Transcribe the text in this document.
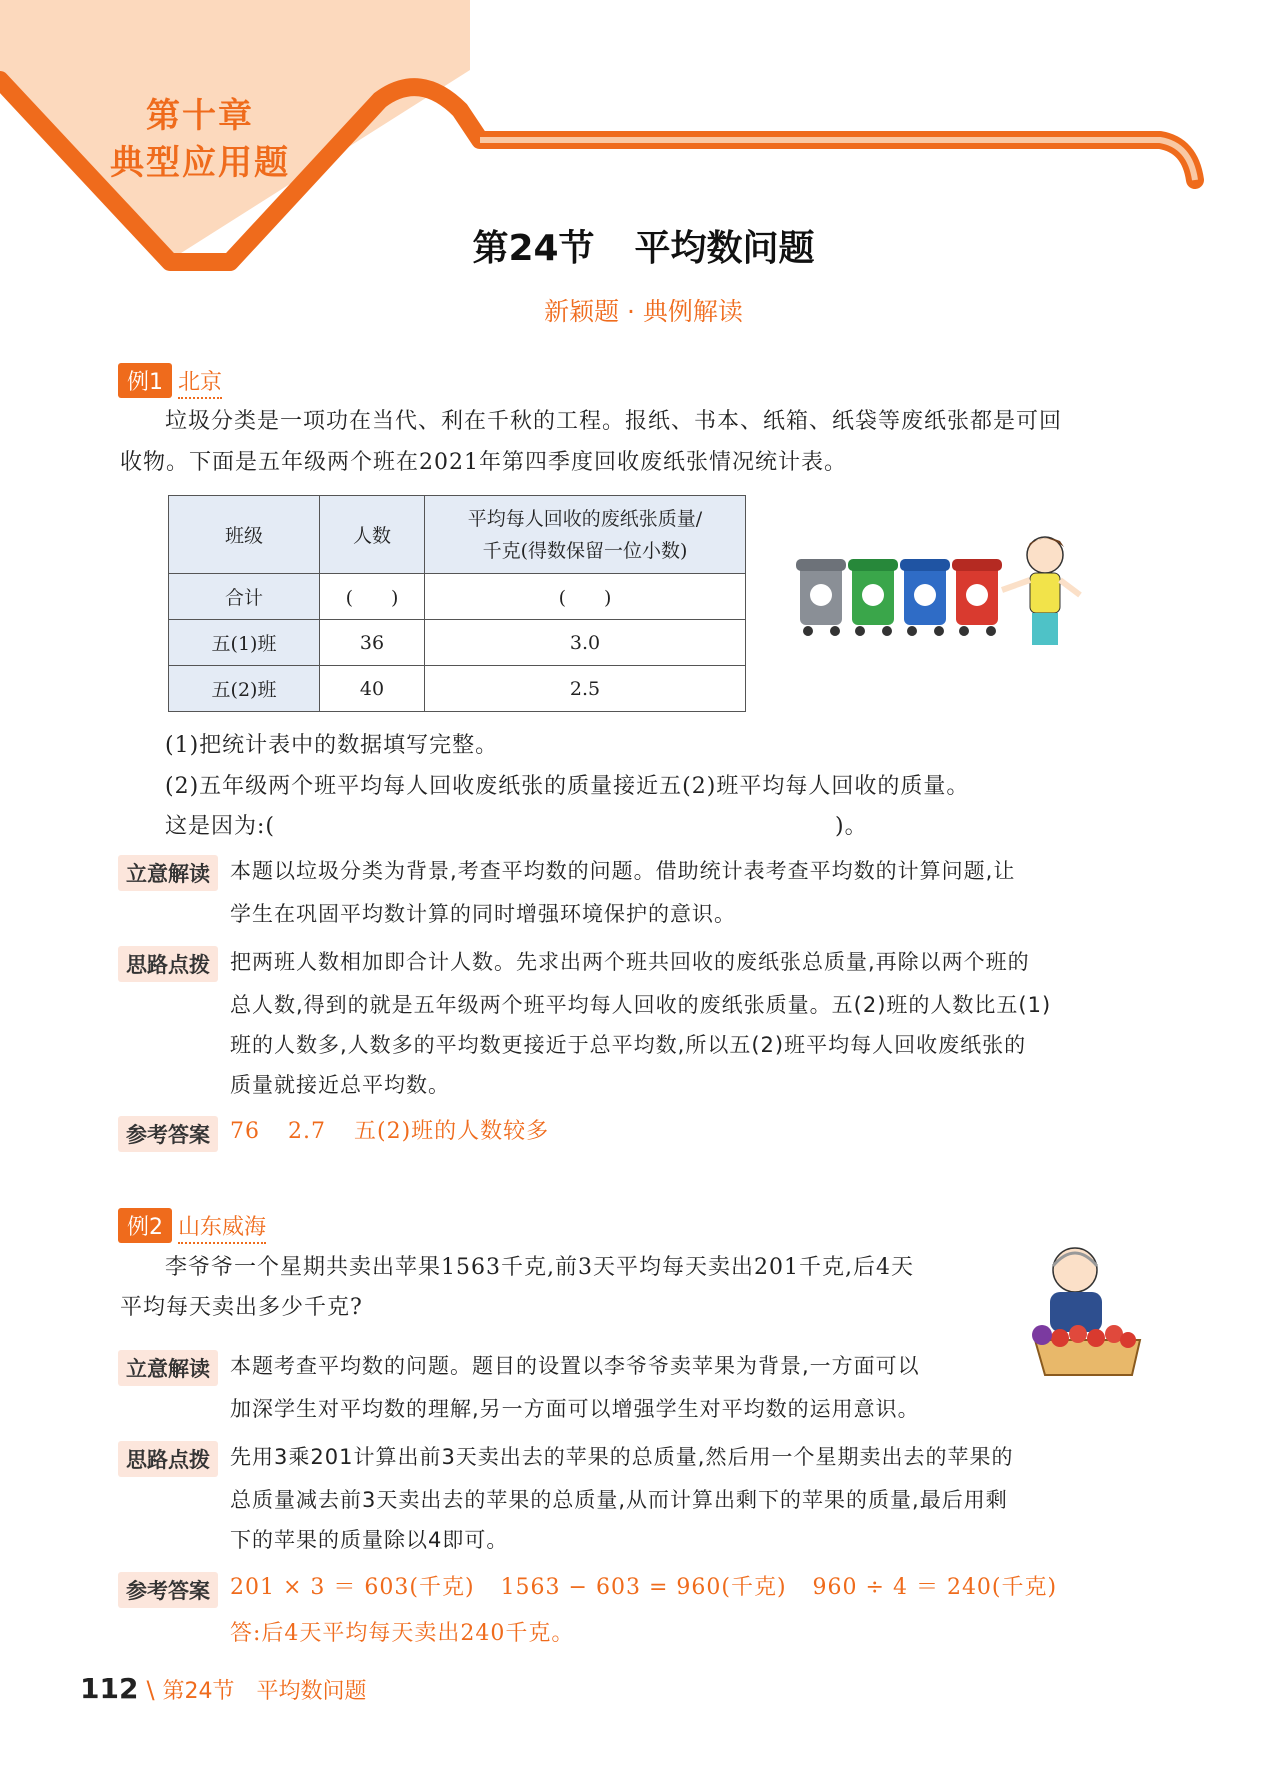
第十章
典型应用题
第24节 平均数问题
新颖题 · 典例解读
例1 北京
垃圾分类是一项功在当代、利在千秋的工程。报纸、书本、纸箱、纸袋等废纸张都是可回
收物。下面是五年级两个班在2021年第四季度回收废纸张情况统计表。
班级	人数	平均每人回收的废纸张质量/
千克(得数保留一位小数)

合计	(　　)	(　　)
五(1)班	36	3.0
五(2)班	40	2.5
(1)把统计表中的数据填写完整。
(2)五年级两个班平均每人回收废纸张的质量接近五(2)班平均每人回收的质量。
这是因为:(	)。
立意解读 本题以垃圾分类为背景,考查平均数的问题。借助统计表考查平均数的计算问题,让
学生在巩固平均数计算的同时增强环境保护的意识。
思路点拨 把两班人数相加即合计人数。先求出两个班共回收的废纸张总质量,再除以两个班的
总人数,得到的就是五年级两个班平均每人回收的废纸张质量。五(2)班的人数比五(1)
班的人数多,人数多的平均数更接近于总平均数,所以五(2)班平均每人回收废纸张的
质量就接近总平均数。
参考答案 76 2.7 五(2)班的人数较多
例2 山东威海
李爷爷一个星期共卖出苹果1563千克,前3天平均每天卖出201千克,后4天
平均每天卖出多少千克?
立意解读 本题考查平均数的问题。题目的设置以李爷爷卖苹果为背景,一方面可以
加深学生对平均数的理解,另一方面可以增强学生对平均数的运用意识。
思路点拨 先用3乘201计算出前3天卖出去的苹果的总质量,然后用一个星期卖出去的苹果的
总质量减去前3天卖出去的苹果的总质量,从而计算出剩下的苹果的质量,最后用剩
下的苹果的质量除以4即可。
参考答案 201 × 3 ＝ 603(千克) 1563 − 603 = 960(千克) 960 ÷ 4 ＝ 240(千克)
答:后4天平均每天卖出240千克。
112 \ 第24节　平均数问题
